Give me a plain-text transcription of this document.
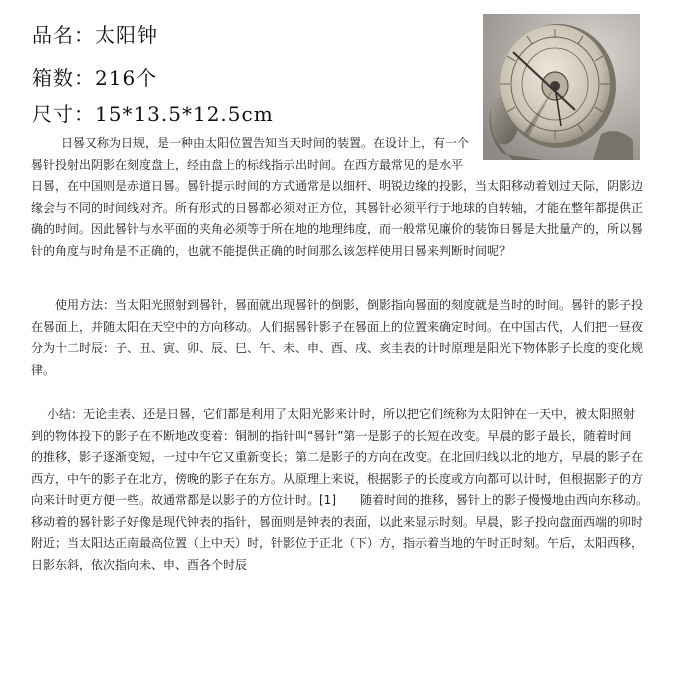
品名：太阳钟
箱数：216个
尺寸：15*13.5*12.5cm

日晷又称为日规，是一种由太阳位置告知当天时间的装置。在设计上，有一个
晷针投射出阴影在刻度盘上，经由盘上的标线指示出时间。在西方最常见的是水平
日晷，在中国则是赤道日晷。晷针提示时间的方式通常是以细杆、明锐边缘的投影，当太阳移动着划过天际，阴影边
缘会与不同的时间线对齐。所有形式的日晷都必须对正方位，其晷针必须平行于地球的自转轴，才能在整年都提供正
确的时间。因此晷针与水平面的夹角必须等于所在地的地理纬度，而一般常见廉价的装饰日晷是大批量产的，所以晷
针的角度与时角是不正确的，也就不能提供正确的时间那么该怎样使用日晷来判断时间呢？

使用方法：当太阳光照射到晷针，晷面就出现晷针的倒影，倒影指向晷面的刻度就是当时的时间。晷针的影子投
在晷面上，并随太阳在天空中的方向移动。人们据晷针影子在晷面上的位置来确定时间。在中国古代，人们把一昼夜
分为十二时辰：子、丑、寅、卯、辰、巳、午、未、申、酉、戌、亥圭表的计时原理是阳光下物体影子长度的变化规
律。

小结：无论圭表、还是日晷，它们都是利用了太阳光影来计时，所以把它们统称为太阳钟在一天中，被太阳照射
到的物体投下的影子在不断地改变着：铜制的指针叫“晷针”第一是影子的长短在改变。早晨的影子最长，随着时间
的推移，影子逐渐变短，一过中午它又重新变长；第二是影子的方向在改变。在北回归线以北的地方，早晨的影子在
西方，中午的影子在北方，傍晚的影子在东方。从原理上来说，根据影子的长度或方向都可以计时，但根据影子的方
向来计时更方便一些。故通常都是以影子的方位计时。[1]　　随着时间的推移，晷针上的影子慢慢地由西向东移动。
移动着的晷针影子好像是现代钟表的指针，晷面则是钟表的表面，以此来显示时刻。早晨，影子投向盘面西端的卯时
附近；当太阳达正南最高位置（上中天）时，针影位于正北（下）方，指示着当地的午时正时刻。午后，太阳西移，
日影东斜，依次指向未、申、酉各个时辰
